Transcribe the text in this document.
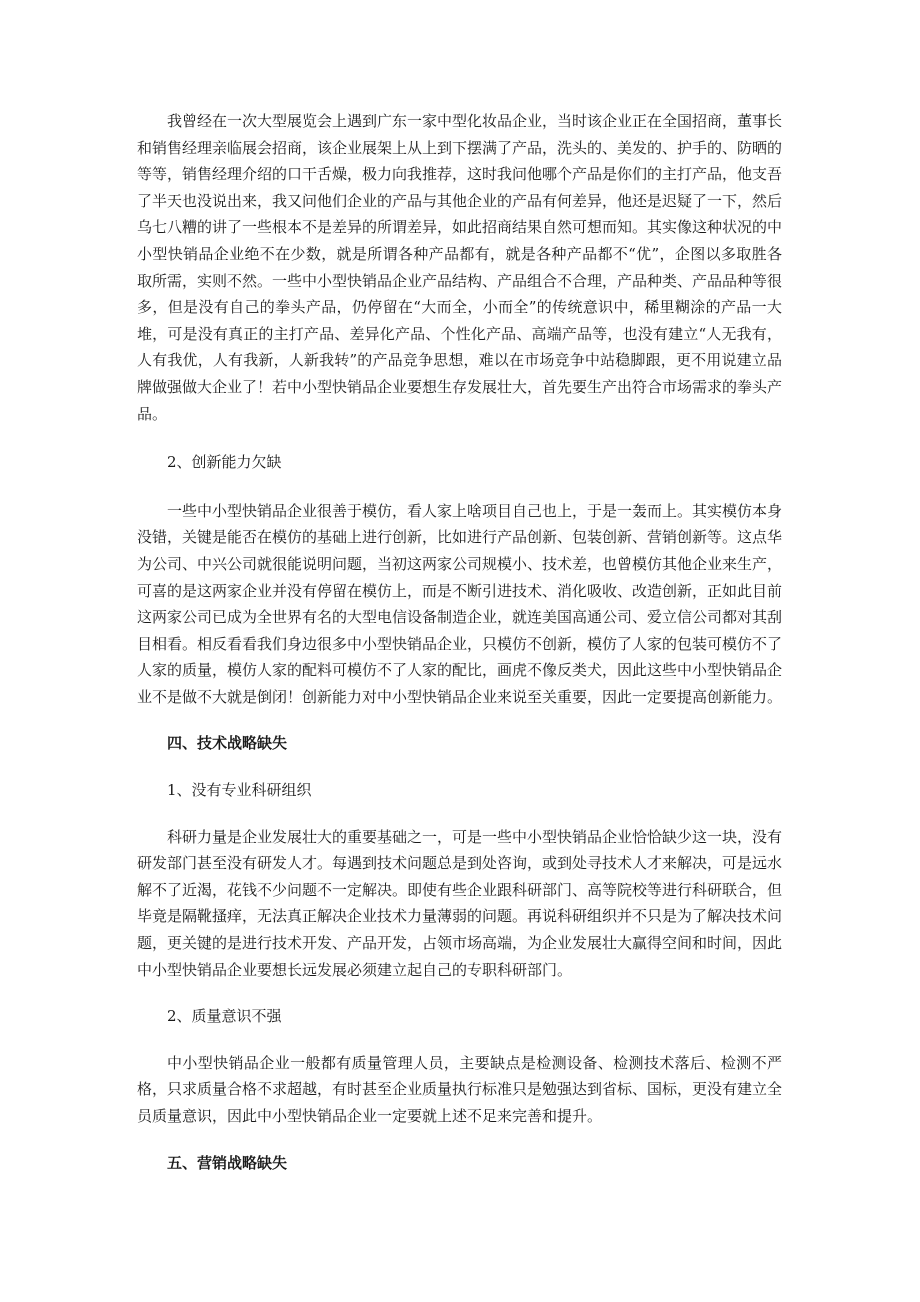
我曾经在一次大型展览会上遇到广东一家中型化妆品企业，当时该企业正在全国招商，董事长和销售经理亲临展会招商，该企业展架上从上到下摆满了产品，洗头的、美发的、护手的、防晒的等等，销售经理介绍的口干舌燥，极力向我推荐，这时我问他哪个产品是你们的主打产品，他支吾了半天也没说出来，我又问他们企业的产品与其他企业的产品有何差异，他还是迟疑了一下，然后乌七八糟的讲了一些根本不是差异的所谓差异，如此招商结果自然可想而知。其实像这种状况的中小型快销品企业绝不在少数，就是所谓各种产品都有，就是各种产品都不“优”，企图以多取胜各取所需，实则不然。一些中小型快销品企业产品结构、产品组合不合理，产品种类、产品品种等很多，但是没有自己的拳头产品，仍停留在“大而全，小而全”的传统意识中，稀里糊涂的产品一大堆，可是没有真正的主打产品、差异化产品、个性化产品、高端产品等，也没有建立“人无我有，人有我优，人有我新，人新我转”的产品竞争思想，难以在市场竞争中站稳脚跟，更不用说建立品牌做强做大企业了！若中小型快销品企业要想生存发展壮大，首先要生产出符合市场需求的拳头产品。

2、创新能力欠缺

一些中小型快销品企业很善于模仿，看人家上啥项目自己也上，于是一轰而上。其实模仿本身没错，关键是能否在模仿的基础上进行创新，比如进行产品创新、包装创新、营销创新等。这点华为公司、中兴公司就很能说明问题，当初这两家公司规模小、技术差，也曾模仿其他企业来生产，可喜的是这两家企业并没有停留在模仿上，而是不断引进技术、消化吸收、改造创新，正如此目前这两家公司已成为全世界有名的大型电信设备制造企业，就连美国高通公司、爱立信公司都对其刮目相看。相反看看我们身边很多中小型快销品企业，只模仿不创新，模仿了人家的包装可模仿不了人家的质量，模仿人家的配料可模仿不了人家的配比，画虎不像反类犬，因此这些中小型快销品企业不是做不大就是倒闭！创新能力对中小型快销品企业来说至关重要，因此一定要提高创新能力。

四、技术战略缺失

1、没有专业科研组织

科研力量是企业发展壮大的重要基础之一，可是一些中小型快销品企业恰恰缺少这一块，没有研发部门甚至没有研发人才。每遇到技术问题总是到处咨询，或到处寻技术人才来解决，可是远水解不了近渴，花钱不少问题不一定解决。即使有些企业跟科研部门、高等院校等进行科研联合，但毕竟是隔靴搔痒，无法真正解决企业技术力量薄弱的问题。再说科研组织并不只是为了解决技术问题，更关键的是进行技术开发、产品开发，占领市场高端，为企业发展壮大赢得空间和时间，因此中小型快销品企业要想长远发展必须建立起自己的专职科研部门。

2、质量意识不强

中小型快销品企业一般都有质量管理人员，主要缺点是检测设备、检测技术落后、检测不严格，只求质量合格不求超越，有时甚至企业质量执行标准只是勉强达到省标、国标，更没有建立全员质量意识，因此中小型快销品企业一定要就上述不足来完善和提升。

五、营销战略缺失
